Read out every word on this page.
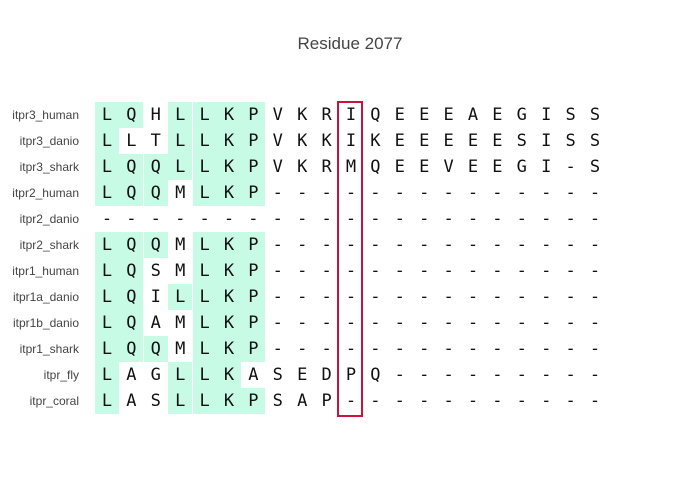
Residue 2077
itpr3_human	L Q H L L K P V K R I Q E E E A E G I S S
itpr3_danio	L L T L L K P V K K I K E E E E E S I S S
itpr3_shark	L Q Q L L K P V K R M Q E E V E E G I - S
itpr2_human	L Q Q M L K P - - - - - - - - - - - - - -
itpr2_danio	- - - - - - - - - - - - - - - - - - - - -
itpr2_shark	L Q Q M L K P - - - - - - - - - - - - - -
itpr1_human	L Q S M L K P - - - - - - - - - - - - - -
itpr1a_danio	L Q I L L K P - - - - - - - - - - - - - -
itpr1b_danio	L Q A M L K P - - - - - - - - - - - - - -
itpr1_shark	L Q Q M L K P - - - - - - - - - - - - - -
itpr_fly	L A G L L K A S E D P Q - - - - - - - - -
itpr_coral	L A S L L K P S A P - - - - - - - - - - -
